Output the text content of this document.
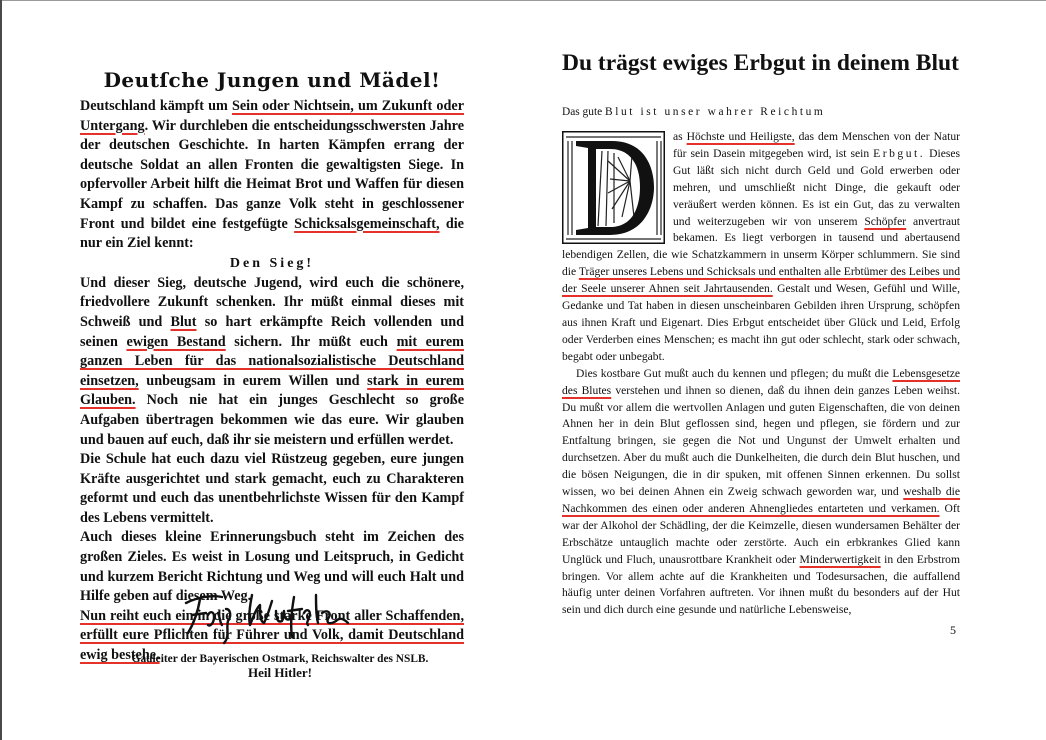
Deutſche Jungen und Mädel!

Deutschland kämpft um Sein oder Nichtsein, um Zukunft oder Untergang. Wir durchleben die entscheidungsschwersten Jahre der deutschen Geschichte. In harten Kämpfen errang der deutsche Soldat an allen Fronten die gewaltigsten Siege. In opfervoller Arbeit hilft die Heimat Brot und Waffen für diesen Kampf zu schaffen. Das ganze Volk steht in geschlossener Front und bildet eine festgefügte Schicksalsgemeinschaft, die nur ein Ziel kennt:

Den Sieg!

Und dieser Sieg, deutsche Jugend, wird euch die schönere, friedvollere Zukunft schenken. Ihr müßt einmal dieses mit Schweiß und Blut so hart erkämpfte Reich vollenden und seinen ewigen Bestand sichern. Ihr müßt euch mit eurem ganzen Leben für das nationalsozialistische Deutschland einsetzen, unbeugsam in eurem Willen und stark in eurem Glauben. Noch nie hat ein junges Geschlecht so große Aufgaben übertragen bekommen wie das eure. Wir glauben und bauen auf euch, daß ihr sie meistern und erfüllen werdet.

Die Schule hat euch dazu viel Rüstzeug gegeben, eure jungen Kräfte ausgerichtet und stark gemacht, euch zu Charakteren geformt und euch das unentbehrlichste Wissen für den Kampf des Lebens vermittelt.

Auch dieses kleine Erinnerungsbuch steht im Zeichen des großen Zieles. Es weist in Losung und Leitspruch, in Gedicht und kurzem Bericht Richtung und Weg und will euch Halt und Hilfe geben auf diesem Weg.

Nun reiht euch ein in die große starke Front aller Schaffenden, erfüllt eure Pflichten für Führer und Volk, damit Deutschland ewig bestehe.

Gauleiter der Bayerischen Ostmark, Reichswalter des NSLB.
Heil Hitler!
Du trägst ewiges Erbgut in deinem Blut
Das gute Blut ist unser wahrer Reichtum

as Höchste und Heiligste, das dem Menschen von der Natur für sein Dasein mitgegeben wird, ist sein Erbgut. Dieses Gut läßt sich nicht durch Geld und Gold erwerben oder mehren, und umschließt nicht Dinge, die gekauft oder veräußert werden können. Es ist ein Gut, das zu verwalten und weiterzugeben wir von unserem Schöpfer anvertraut bekamen. Es liegt verborgen in tausend und abertausend lebendigen Zellen, die wie Schatzkammern in unserm Körper schlummern. Sie sind die Träger unseres Lebens und Schicksals und enthalten alle Erbtümer des Leibes und der Seele unserer Ahnen seit Jahrtausenden. Gestalt und Wesen, Gefühl und Wille, Gedanke und Tat haben in diesen unscheinbaren Gebilden ihren Ursprung, schöpfen aus ihnen Kraft und Eigenart. Dies Erbgut entscheidet über Glück und Leid, Erfolg oder Verderben eines Menschen; es macht ihn gut oder schlecht, stark oder schwach, begabt oder unbegabt.

Dies kostbare Gut mußt auch du kennen und pflegen; du mußt die Lebensgesetze des Blutes verstehen und ihnen so dienen, daß du ihnen dein ganzes Leben weihst. Du mußt vor allem die wertvollen Anlagen und guten Eigenschaften, die von deinen Ahnen her in dein Blut geflossen sind, hegen und pflegen, sie fördern und zur Entfaltung bringen, sie gegen die Not und Ungunst der Umwelt erhalten und durchsetzen. Aber du mußt auch die Dunkelheiten, die durch dein Blut huschen, und die bösen Neigungen, die in dir spuken, mit offenen Sinnen erkennen. Du sollst wissen, wo bei deinen Ahnen ein Zweig schwach geworden war, und weshalb die Nachkommen des einen oder anderen Ahnengliedes entarteten und verkamen. Oft war der Alkohol der Schädling, der die Keimzelle, diesen wundersamen Behälter der Erbschätze untauglich machte oder zerstörte. Auch ein erbkrankes Glied kann Unglück und Fluch, unausrottbare Krankheit oder Minderwertigkeit in den Erbstrom bringen. Vor allem achte auf die Krankheiten und Todesursachen, die auffallend häufig unter deinen Vorfahren auftreten. Vor ihnen mußt du besonders auf der Hut sein und dich durch eine gesunde und natürliche Lebensweise,

5
